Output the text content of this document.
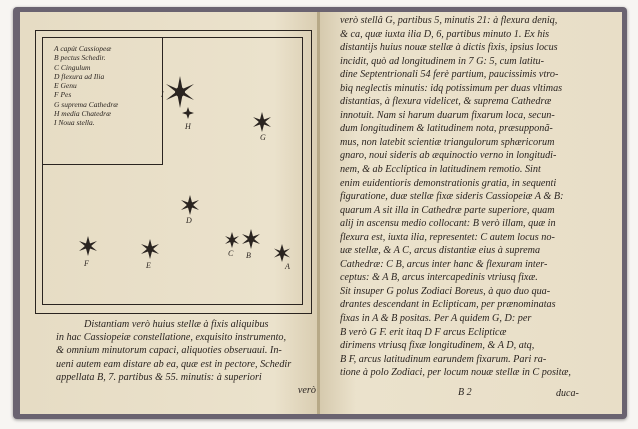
A capút Cassiopeæ
B pectus Schedir.
C Cingulum
D flexura ad Ilia
E Genu
F Pes
G suprema Cathedræ
H media Chatedræ
I Noua stella.
I
H
G
D
F	E
C B
A

Distantiam verò huius stellæ à fixis aliquibus

in hac Cassiopeiæ constellatione, exquisito instrumento,

& omnium minutorum capaci, aliquoties obseruaui. In-

ueni autem eam distare ab ea, quæ est in pectore, Schedir

appellata B, 7. partibus & 55. minutis: à superiori

verò

verò stellâ G, partibus 5, minutis 21: à flexura deniq,

& ca, quæ iuxta ilia D, 6, partibus minuto 1. Ex his

distantijs huius nouæ stellæ à dictis fixis, ipsius locus

incidit, quò ad longitudinem in 7 G: 5, cum latitu-

dine Septentrionali 54 ferè partium, paucissimis vtro-

bìq neglectis minutis: idq potissimum per duas vltimas

distantias, à flexura videlicet, & suprema Cathedræ

innotuit. Nam si harum duarum fixarum loca, secun-

dum longitudinem & latitudinem nota, præsupponã-

mus, non latebit scientiæ triangulorum sphæricorum

gnaro, noui sideris ab æquinoctio verno in longitudi-

nem, & ab Ecclíptica in latitudinem remotio. Sint

enim euidentioris demonstrationis gratia, in sequenti

figuratione, duæ stellæ fixæ sideris Cassiopeiæ A & B:

quarum A sit illa in Cathedræ parte superiore, quam

alij in ascensu medio collocant: B verò illam, quæ in

flexura est, iuxta ilia, representet: C autem locus no-

uæ stellæ, & A C, arcus distantiæ eius à suprema

Cathedræ: C B, arcus inter hanc & flexuram inter-

ceptus: & A B, arcus intercapedinis vtriusq fixæ.

Sit insuper G polus Zodiaci Boreus, à quo duo qua-

drantes descendant in Eclipticam, per prænominatas

fixas in A & B positas. Per A quidem G, D: per

B verò G F. erit itaq D F arcus Eclipticæ

dirimens vtriusq fixæ longitudinem, & A D, atq,

B F, arcus latitudinum earundem fixarum. Pari ra-

tione à polo Zodiaci, per locum nouæ stellæ in C positæ,

B 2	duca-
